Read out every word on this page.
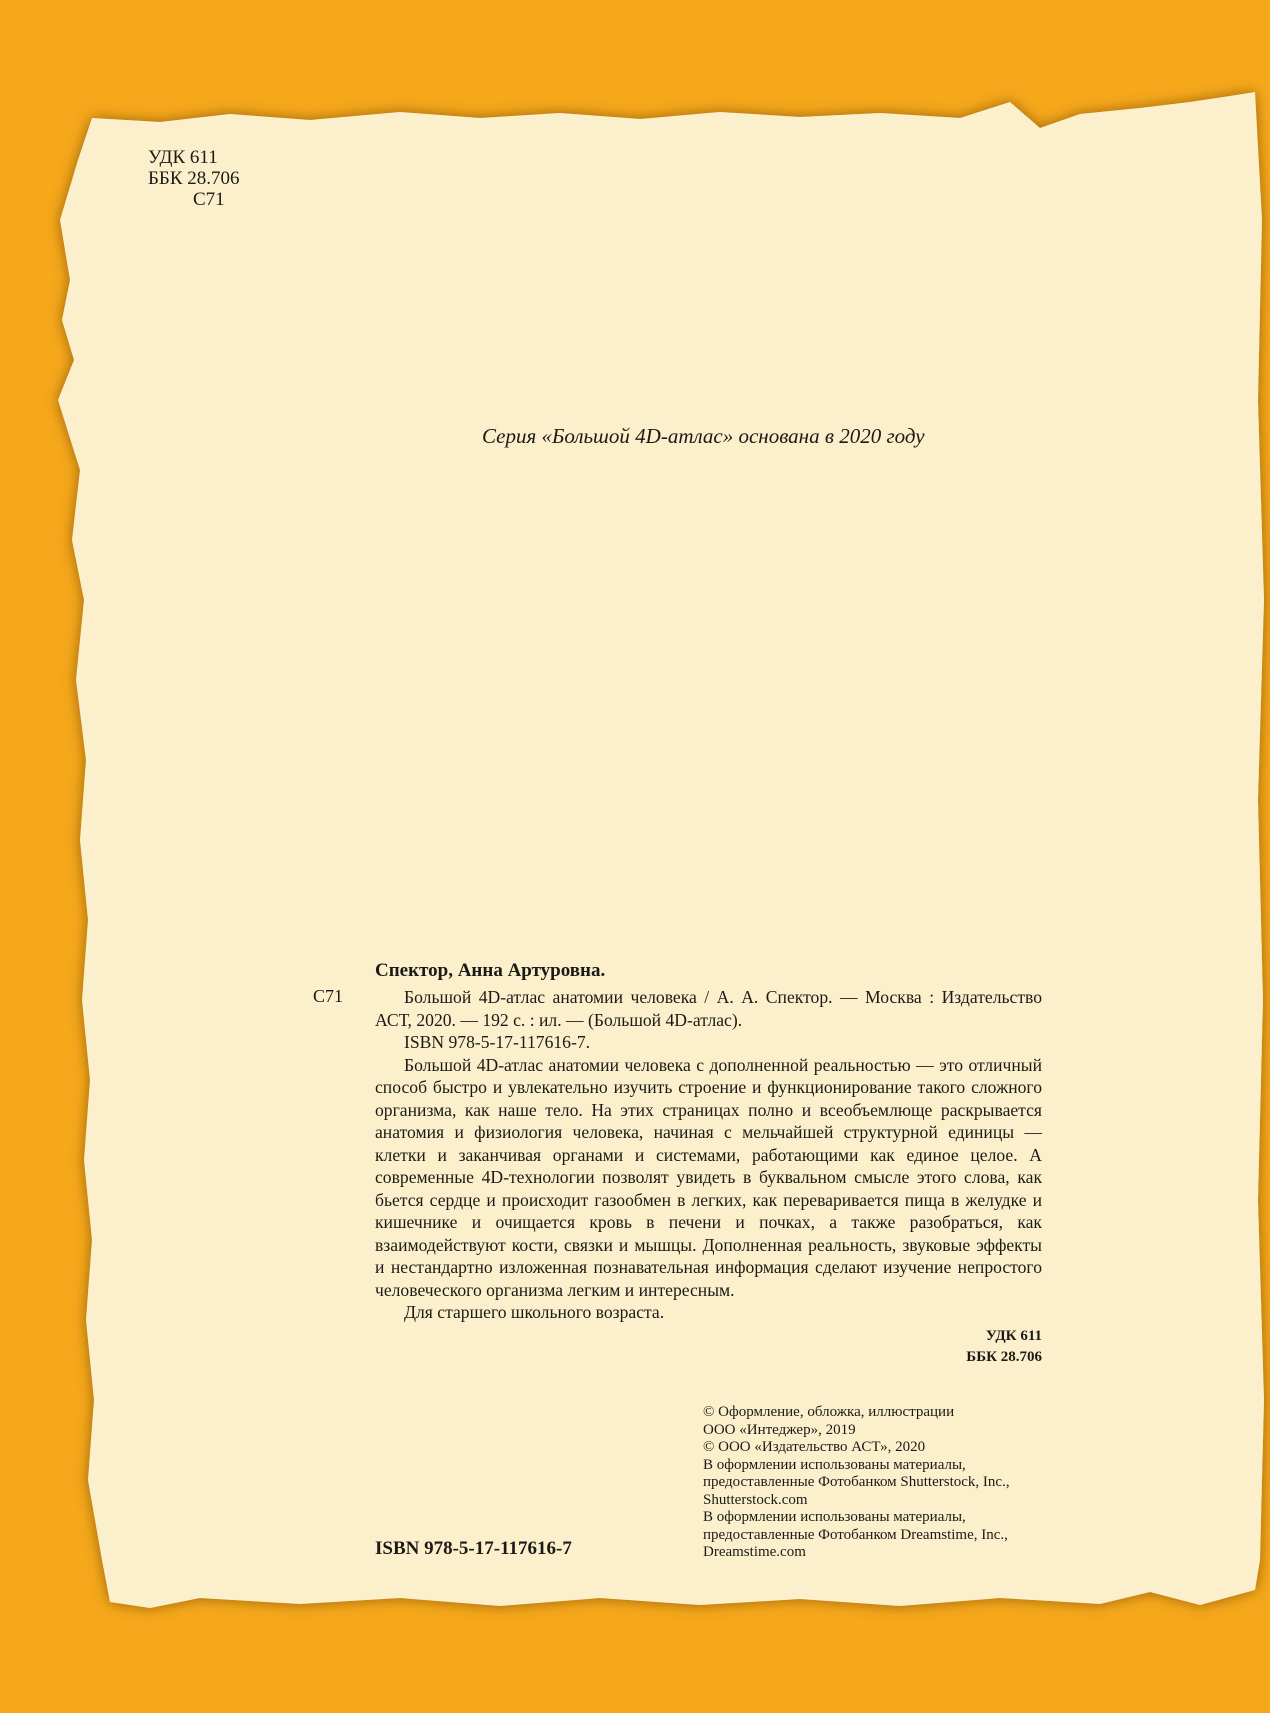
УДК 611
ББК 28.706
С71
Серия «Большой 4D-атлас» основана в 2020 году
Спектор, Анна Артуровна.
С71	Большой 4D-атлас анатомии человека / А. А. Спектор. — Москва : Издательство АСТ, 2020. — 192 с. : ил. — (Большой 4D-атлас).

ISBN 978-5-17-117616-7.

Большой 4D-атлас анатомии человека с дополненной реальностью — это отличный способ быстро и увлекательно изучить строение и функционирование такого сложного организма, как наше тело. На этих страницах полно и всеобъемлюще раскрывается анатомия и физиология человека, начиная с мельчайшей структурной единицы — клетки и заканчивая органами и системами, работающими как единое целое. А современные 4D-технологии позволят увидеть в буквальном смысле этого слова, как бьется сердце и происходит газообмен в легких, как переваривается пища в желудке и кишечнике и очищается кровь в печени и почках, а также разобраться, как взаимодействуют кости, связки и мышцы. Дополненная реальность, звуковые эффекты и нестандартно изложенная познавательная информация сделают изучение непростого человеческого организма легким и интересным.

Для старшего школьного возраста.

УДК 611
ББК 28.706
ISBN 978-5-17-117616-7
© Оформление, обложка, иллюстрации
ООО «Интеджер», 2019
© ООО «Издательство АСТ», 2020
В оформлении использованы материалы,
предоставленные Фотобанком Shutterstock, Inc.,
Shutterstock.com
В оформлении использованы материалы,
предоставленные Фотобанком Dreamstime, Inc.,
Dreamstime.com
